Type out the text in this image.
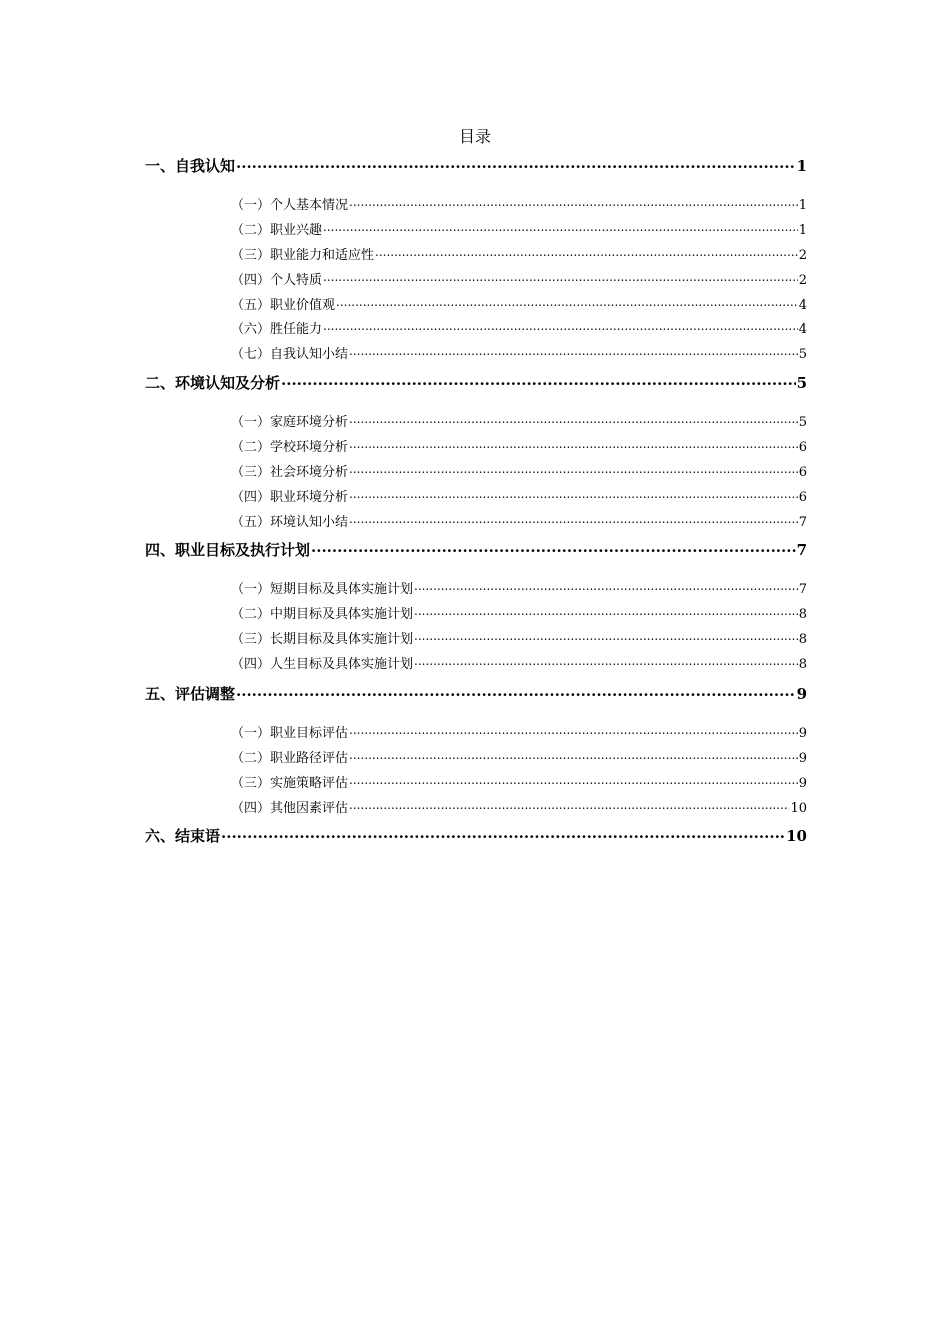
目录
一、自我认知 .....	1
（一）个人基本情况 .....	1
（二）职业兴趣 .....	1
（三）职业能力和适应性 .....	2
（四）个人特质 .....	2
（五）职业价值观 .....	4
（六）胜任能力 .....	4
（七）自我认知小结 .....	5
二、环境认知及分析 .....	5
（一）家庭环境分析 .....	5
（二）学校环境分析 .....	6
（三）社会环境分析 .....	6
（四）职业环境分析 .....	6
（五）环境认知小结 .....	7
四、职业目标及执行计划 .....	7
（一）短期目标及具体实施计划 .....	7
（二）中期目标及具体实施计划 .....	8
（三）长期目标及具体实施计划 .....	8
（四）人生目标及具体实施计划 .....	8
五、评估调整 .....	9
（一）职业目标评估 .....	9
（二）职业路径评估 .....	9
（三）实施策略评估 .....	9
（四）其他因素评估 .....	10
六、结束语 .....	10
